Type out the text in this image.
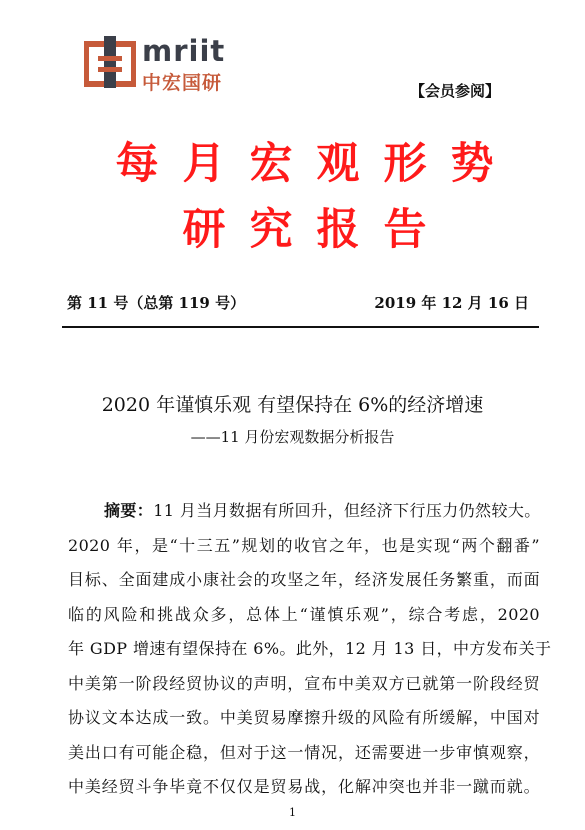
mriit
中宏国研	【会员参阅】
每月宏观形势
研究报告
第 11 号（总第 119 号）	2019 年 12 月 16 日
2020 年谨慎乐观 有望保持在 6%的经济增速
——11 月份宏观数据分析报告
摘要：11 月当月数据有所回升，但经济下行压力仍然较大。
2020 年，是“十三五”规划的收官之年，也是实现“两个翻番”
目标、全面建成小康社会的攻坚之年，经济发展任务繁重，而面
临的风险和挑战众多，总体上“谨慎乐观”，综合考虑，2020
年 GDP 增速有望保持在 6%。此外，12 月 13 日，中方发布关于
中美第一阶段经贸协议的声明，宣布中美双方已就第一阶段经贸
协议文本达成一致。中美贸易摩擦升级的风险有所缓解，中国对
美出口有可能企稳，但对于这一情况，还需要进一步审慎观察，
中美经贸斗争毕竟不仅仅是贸易战，化解冲突也并非一蹴而就。
1
